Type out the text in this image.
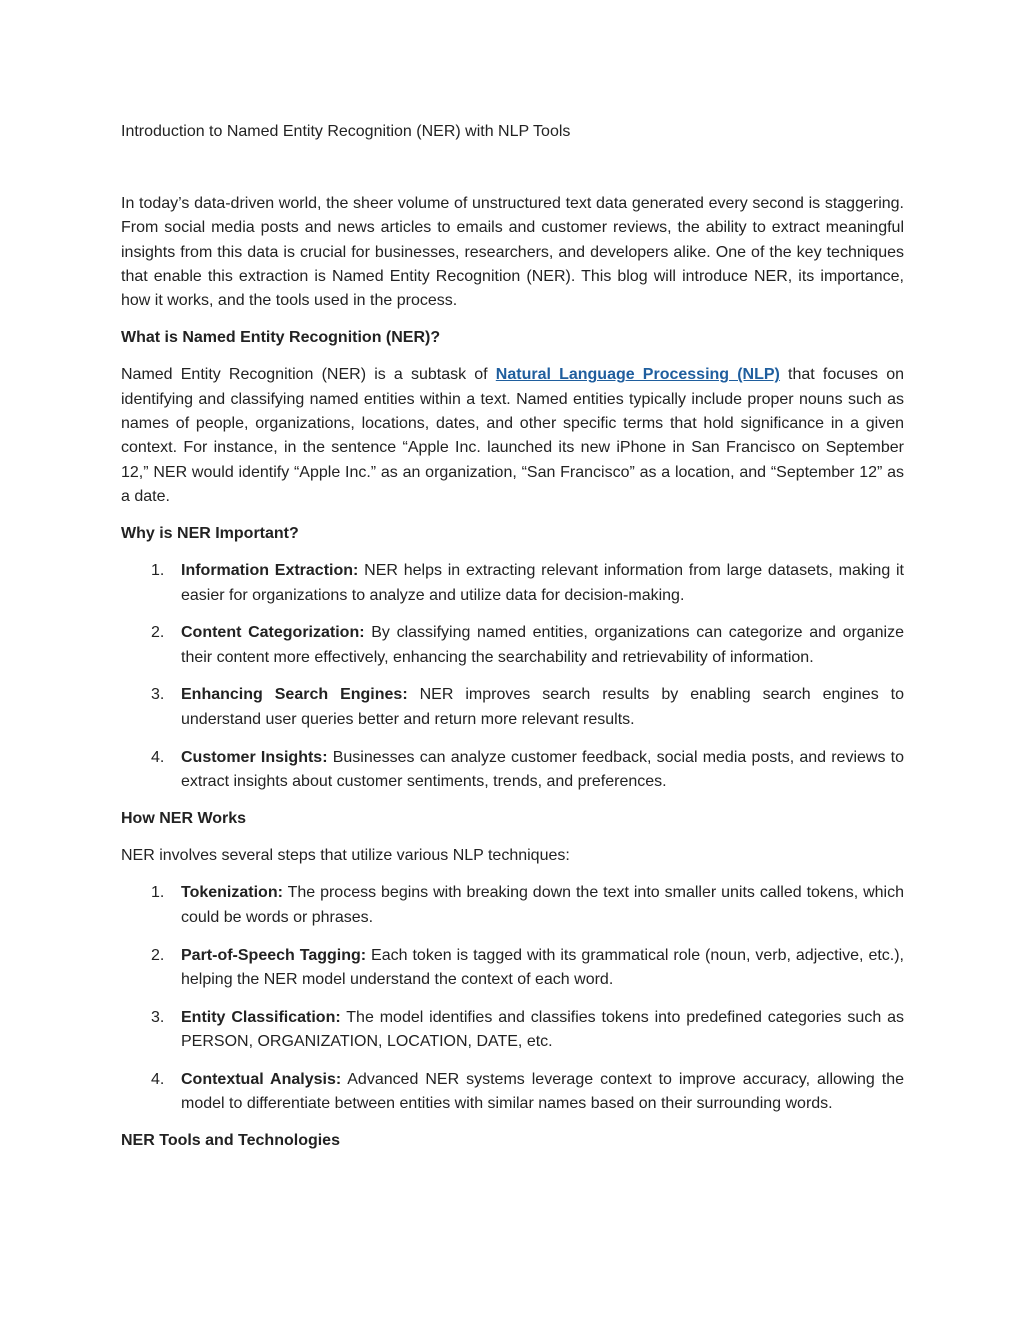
Introduction to Named Entity Recognition (NER) with NLP Tools

In today’s data-driven world, the sheer volume of unstructured text data generated every second is staggering. From social media posts and news articles to emails and customer reviews, the ability to extract meaningful insights from this data is crucial for businesses, researchers, and developers alike. One of the key techniques that enable this extraction is Named Entity Recognition (NER). This blog will introduce NER, its importance, how it works, and the tools used in the process.

What is Named Entity Recognition (NER)?

Named Entity Recognition (NER) is a subtask of Natural Language Processing (NLP) that focuses on identifying and classifying named entities within a text. Named entities typically include proper nouns such as names of people, organizations, locations, dates, and other specific terms that hold significance in a given context. For instance, in the sentence “Apple Inc. launched its new iPhone in San Francisco on September 12,” NER would identify “Apple Inc.” as an organization, “San Francisco” as a location, and “September 12” as a date.

Why is NER Important?
1. Information Extraction: NER helps in extracting relevant information from large datasets, making it easier for organizations to analyze and utilize data for decision-making.
2. Content Categorization: By classifying named entities, organizations can categorize and organize their content more effectively, enhancing the searchability and retrievability of information.
3. Enhancing Search Engines: NER improves search results by enabling search engines to understand user queries better and return more relevant results.
4. Customer Insights: Businesses can analyze customer feedback, social media posts, and reviews to extract insights about customer sentiments, trends, and preferences.
How NER Works

NER involves several steps that utilize various NLP techniques:

1. Tokenization: The process begins with breaking down the text into smaller units called tokens, which could be words or phrases.
2. Part-of-Speech Tagging: Each token is tagged with its grammatical role (noun, verb, adjective, etc.), helping the NER model understand the context of each word.
3. Entity Classification: The model identifies and classifies tokens into predefined categories such as PERSON, ORGANIZATION, LOCATION, DATE, etc.
4. Contextual Analysis: Advanced NER systems leverage context to improve accuracy, allowing the model to differentiate between entities with similar names based on their surrounding words.
NER Tools and Technologies
